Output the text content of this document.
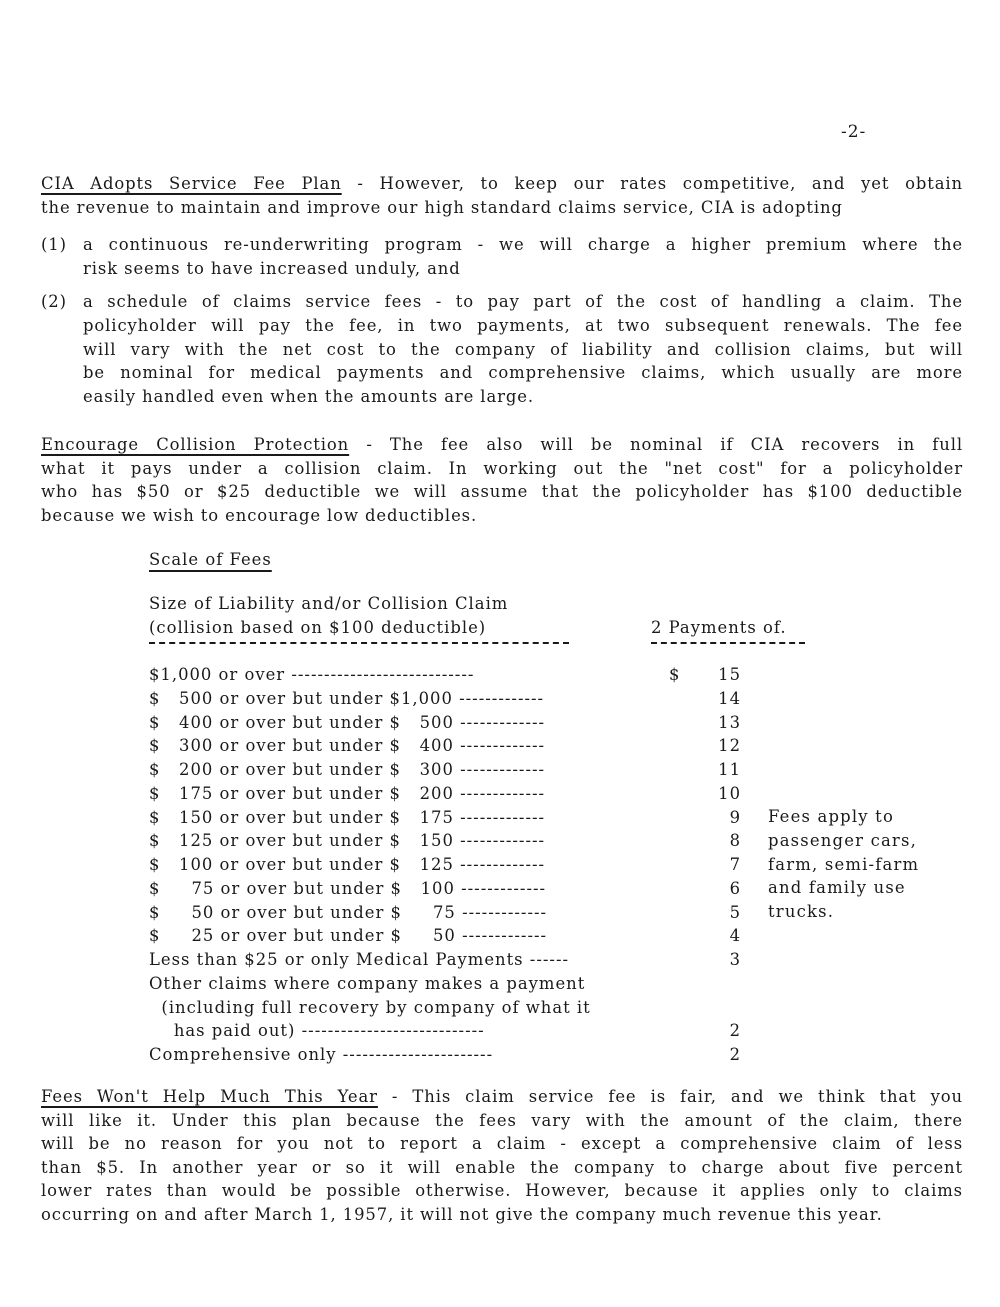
-2-
CIA Adopts Service Fee Plan - However, to keep our rates competitive, and yet obtain
the revenue to maintain and improve our high standard claims service, CIA is adopting
(1) a continuous re-underwriting program - we will charge a higher premium where the
risk seems to have increased unduly, and
(2) a schedule of claims service fees - to pay part of the cost of handling a claim. The
policyholder will pay the fee, in two payments, at two subsequent renewals. The fee
will vary with the net cost to the company of liability and collision claims, but will
be nominal for medical payments and comprehensive claims, which usually are more
easily handled even when the amounts are large.
Encourage Collision Protection - The fee also will be nominal if CIA recovers in full
what it pays under a collision claim. In working out the "net cost" for a policyholder
who has $50 or $25 deductible we will assume that the policyholder has $100 deductible
because we wish to encourage low deductibles.
Scale of Fees
Size of Liability and/or Collision Claim
(collision based on $100 deductible)	2 Payments of.
$1,000 or over ----------------------------	$	15
$   500 or over but under $1,000 -------------	14
$   400 or over but under $   500 -------------	13
$   300 or over but under $   400 -------------	12
$   200 or over but under $   300 -------------	11
$   175 or over but under $   200 -------------	10
$   150 or over but under $   175 -------------	9
$   125 or over but under $   150 -------------	8
$   100 or over but under $   125 -------------	7
$     75 or over but under $   100 -------------	6
$     50 or over but under $     75 -------------	5
$     25 or over but under $     50 -------------	4
Less than $25 or only Medical Payments ------	3
Other claims where company makes a payment
(including full recovery by company of what it
has paid out) ----------------------------	2
Comprehensive only -----------------------	2
Fees apply to
passenger cars,
farm, semi-farm
and family use
trucks.
Fees Won't Help Much This Year - This claim service fee is fair, and we think that you
will like it. Under this plan because the fees vary with the amount of the claim, there
will be no reason for you not to report a claim - except a comprehensive claim of less
than $5. In another year or so it will enable the company to charge about five percent
lower rates than would be possible otherwise. However, because it applies only to claims
occurring on and after March 1, 1957, it will not give the company much revenue this year.
